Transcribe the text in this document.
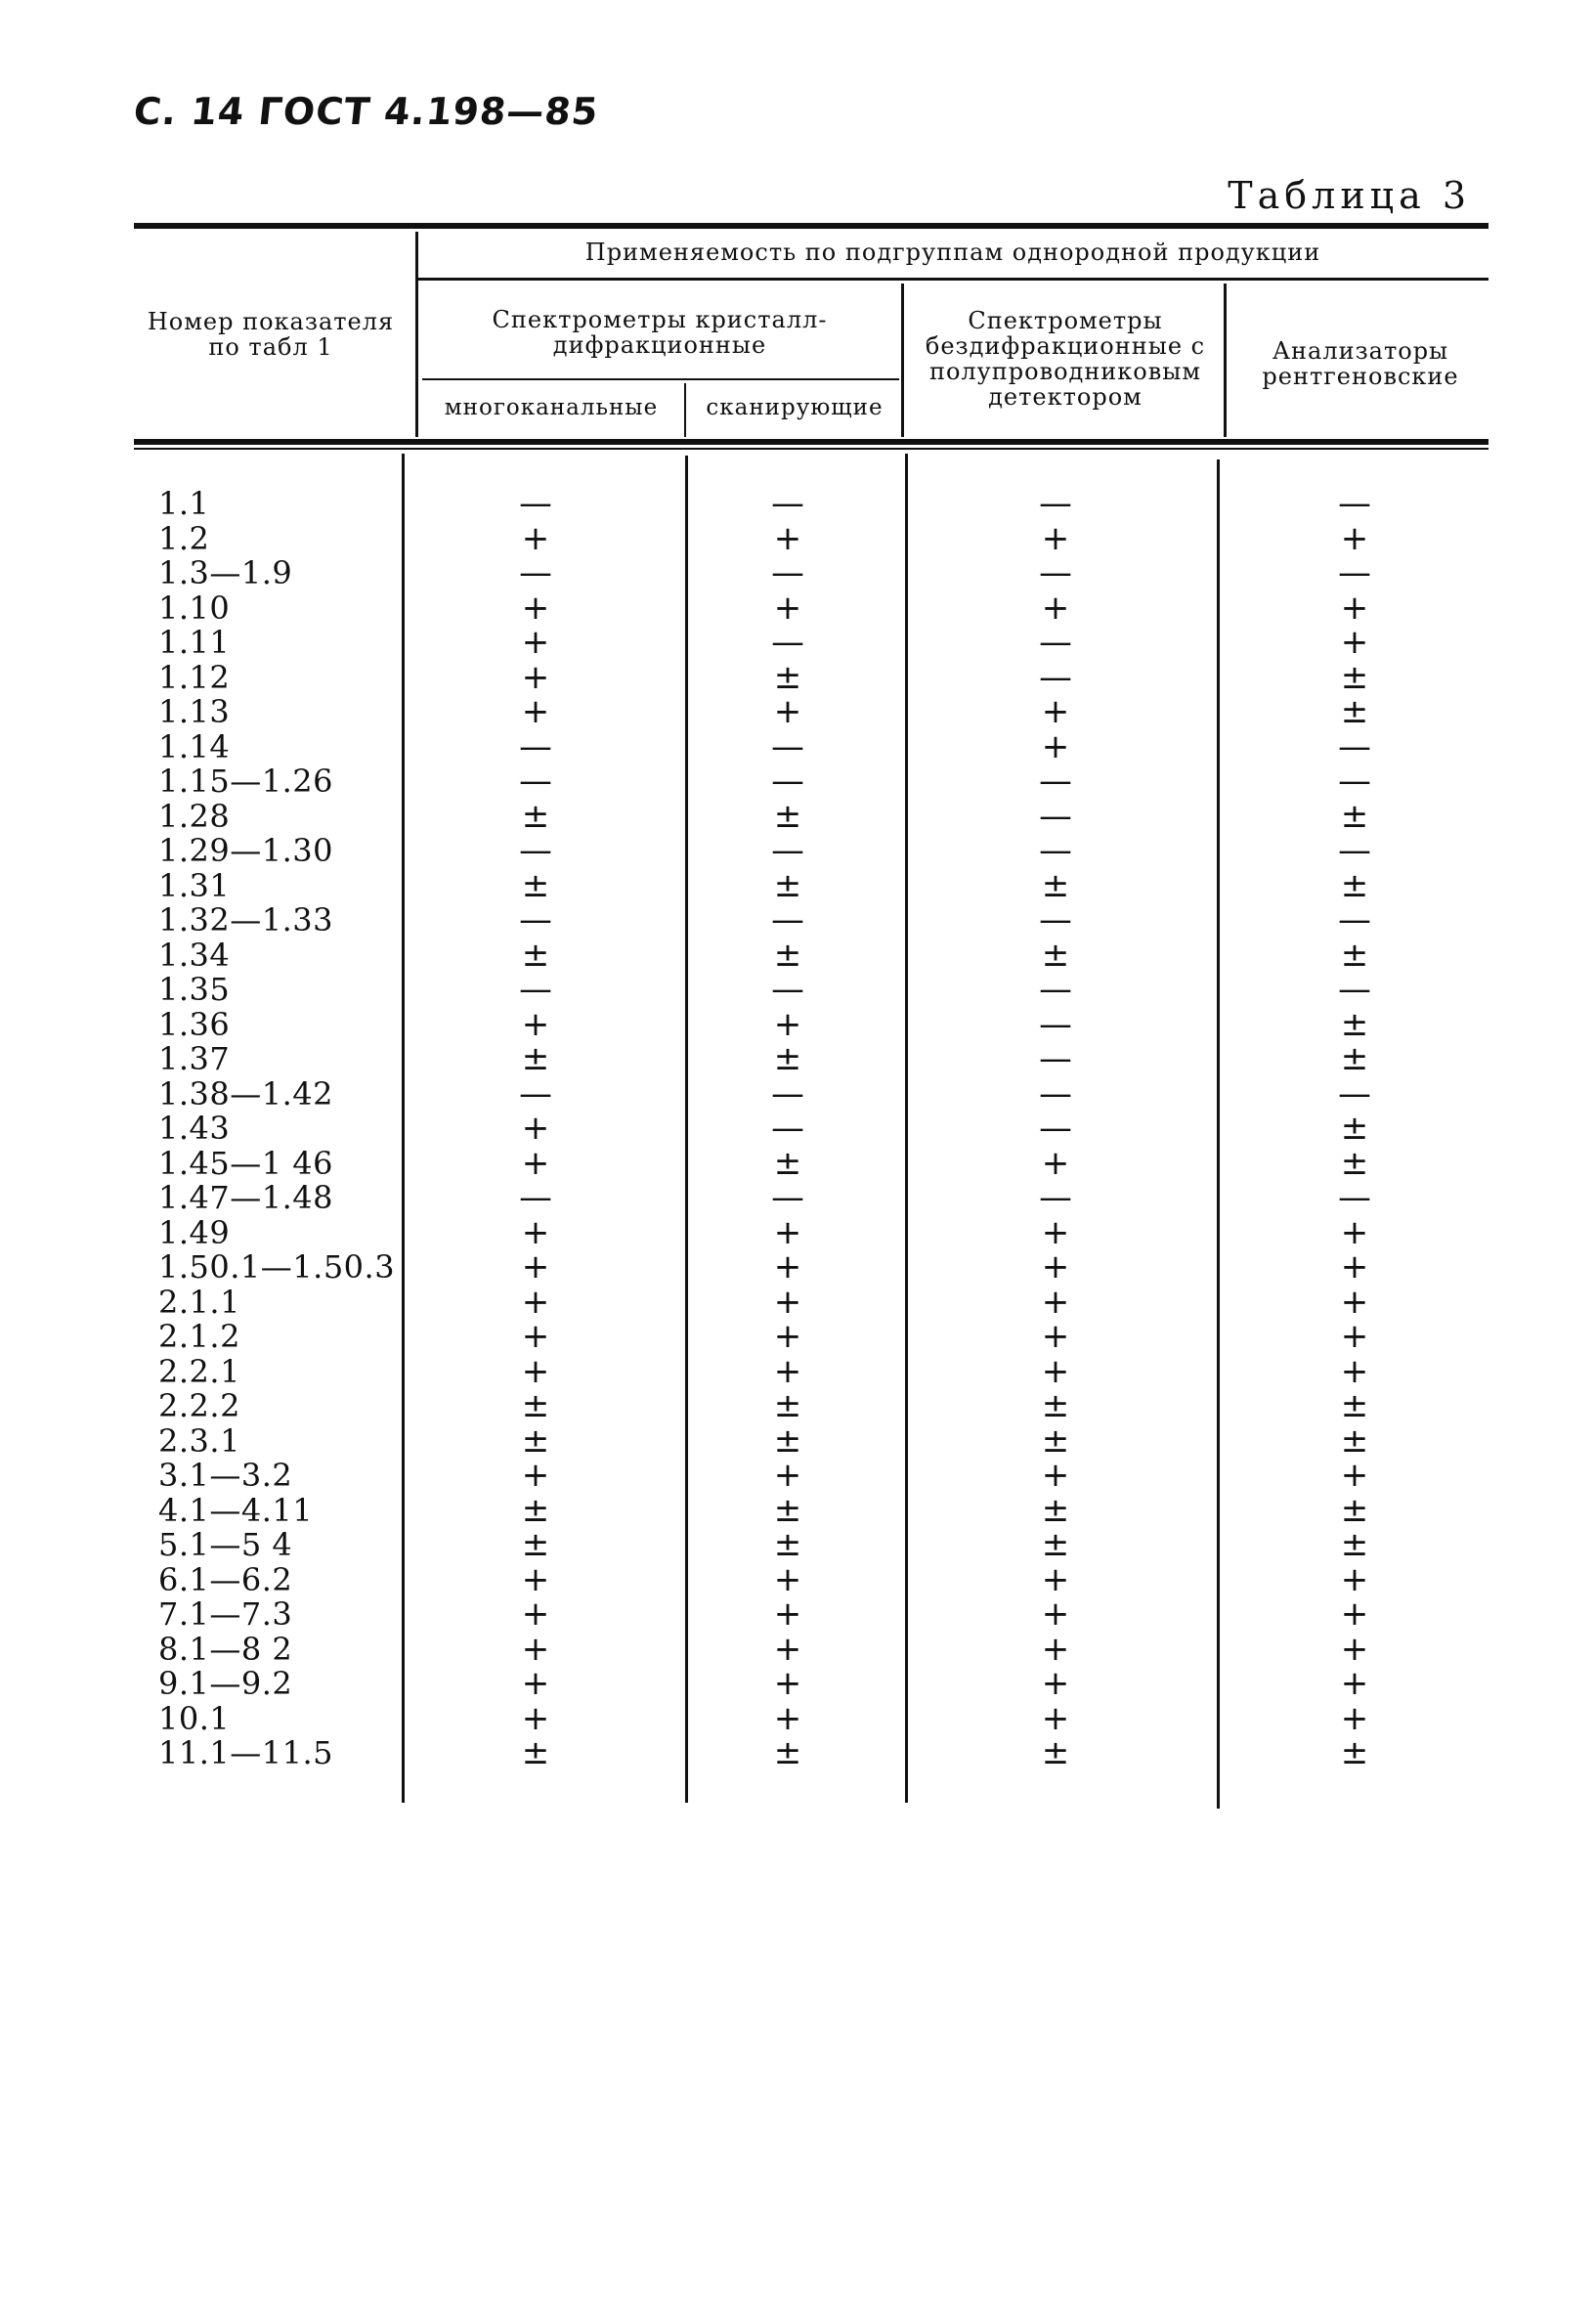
С. 14 ГОСТ 4.198—85
Таблица 3
Номер показателя по табл 1
Применяемость по подгруппам однородной продукции
Спектрометры кристалл-дифракционные
многоканальные	сканирующие
Спектрометры бездифракционные с полупроводниковым детектором
Анализаторы рентгеновские
1.1	—	—	—	—
1.2	+	+	+	+
1.3—1.9	—	—	—	—
1.10	+	+	+	+
1.11	+	—	—	+
1.12	+	±	—	±
1.13	+	+	+	±
1.14	—	—	+	—
1.15—1.26	—	—	—	—
1.28	±	±	—	±
1.29—1.30	—	—	—	—
1.31	±	±	±	±
1.32—1.33	—	—	—	—
1.34	±	±	±	±
1.35	—	—	—	—
1.36	+	+	—	±
1.37	±	±	—	±
1.38—1.42	—	—	—	—
1.43	+	—	—	±
1.45—1 46	+	±	+	±
1.47—1.48	—	—	—	—
1.49	+	+	+	+
1.50.1—1.50.3	+	+	+	+
2.1.1	+	+	+	+
2.1.2	+	+	+	+
2.2.1	+	+	+	+
2.2.2	±	±	±	±
2.3.1	±	±	±	±
3.1—3.2	+	+	+	+
4.1—4.11	±	±	±	±
5.1—5 4	±	±	±	±
6.1—6.2	+	+	+	+
7.1—7.3	+	+	+	+
8.1—8 2	+	+	+	+
9.1—9.2	+	+	+	+
10.1	+	+	+	+
11.1—11.5	±	±	±	±
